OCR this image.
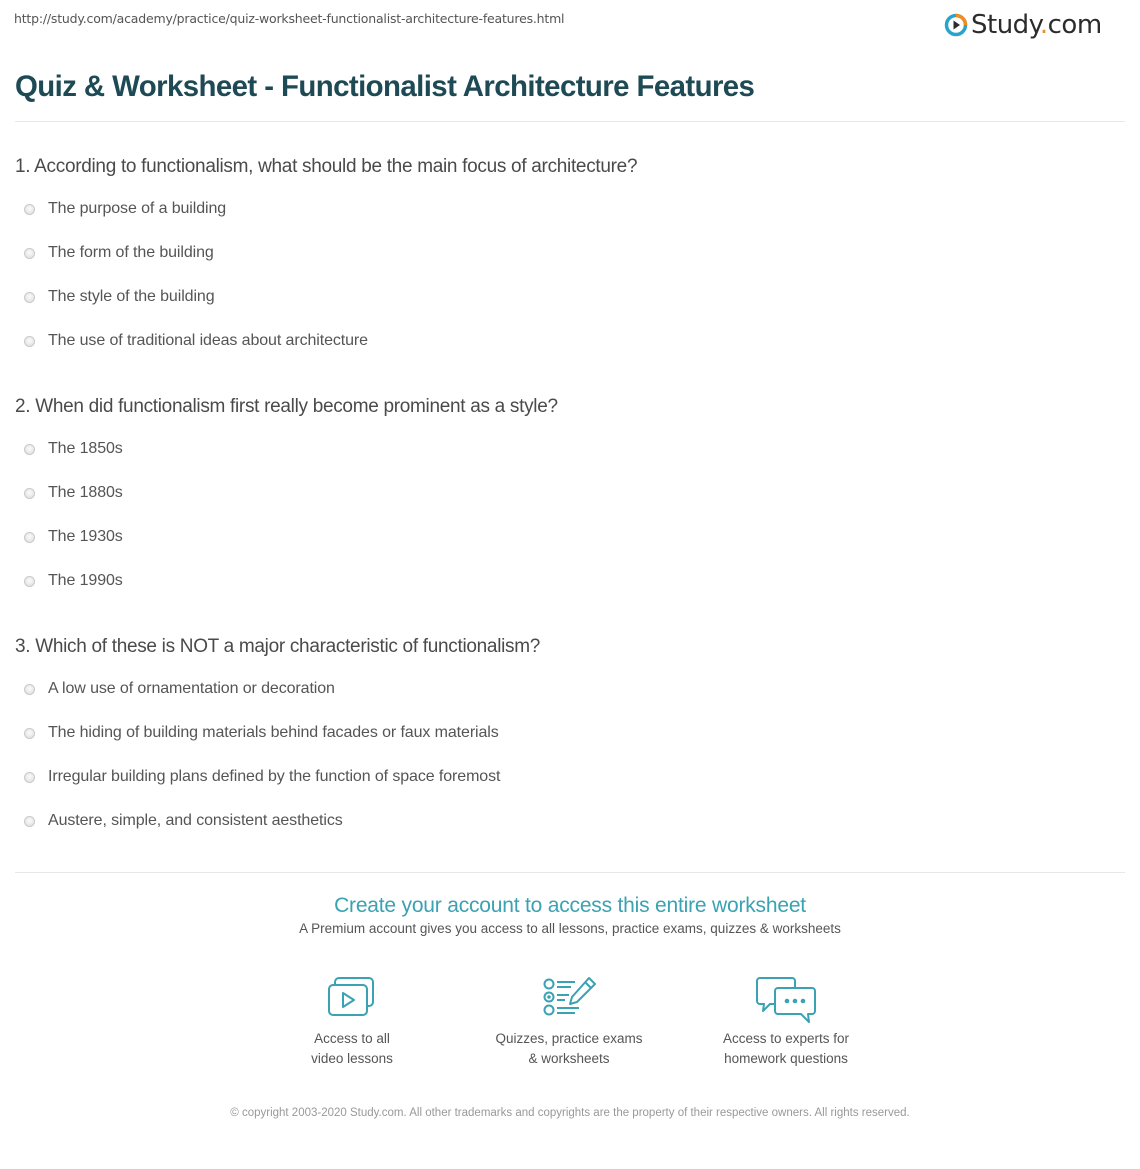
http://study.com/academy/practice/quiz-worksheet-functionalist-architecture-features.html	Study.com
Quiz & Worksheet - Functionalist Architecture Features
1. According to functionalism, what should be the main focus of architecture?
The purpose of a building
The form of the building
The style of the building
The use of traditional ideas about architecture
2. When did functionalism first really become prominent as a style?
The 1850s
The 1880s
The 1930s
The 1990s
3. Which of these is NOT a major characteristic of functionalism?
A low use of ornamentation or decoration
The hiding of building materials behind facades or faux materials
Irregular building plans defined by the function of space foremost
Austere, simple, and consistent aesthetics
Create your account to access this entire worksheet
A Premium account gives you access to all lessons, practice exams, quizzes & worksheets
Access to all
video lessons
Quizzes, practice exams
& worksheets
Access to experts for
homework questions
© copyright 2003-2020 Study.com. All other trademarks and copyrights are the property of their respective owners. All rights reserved.
